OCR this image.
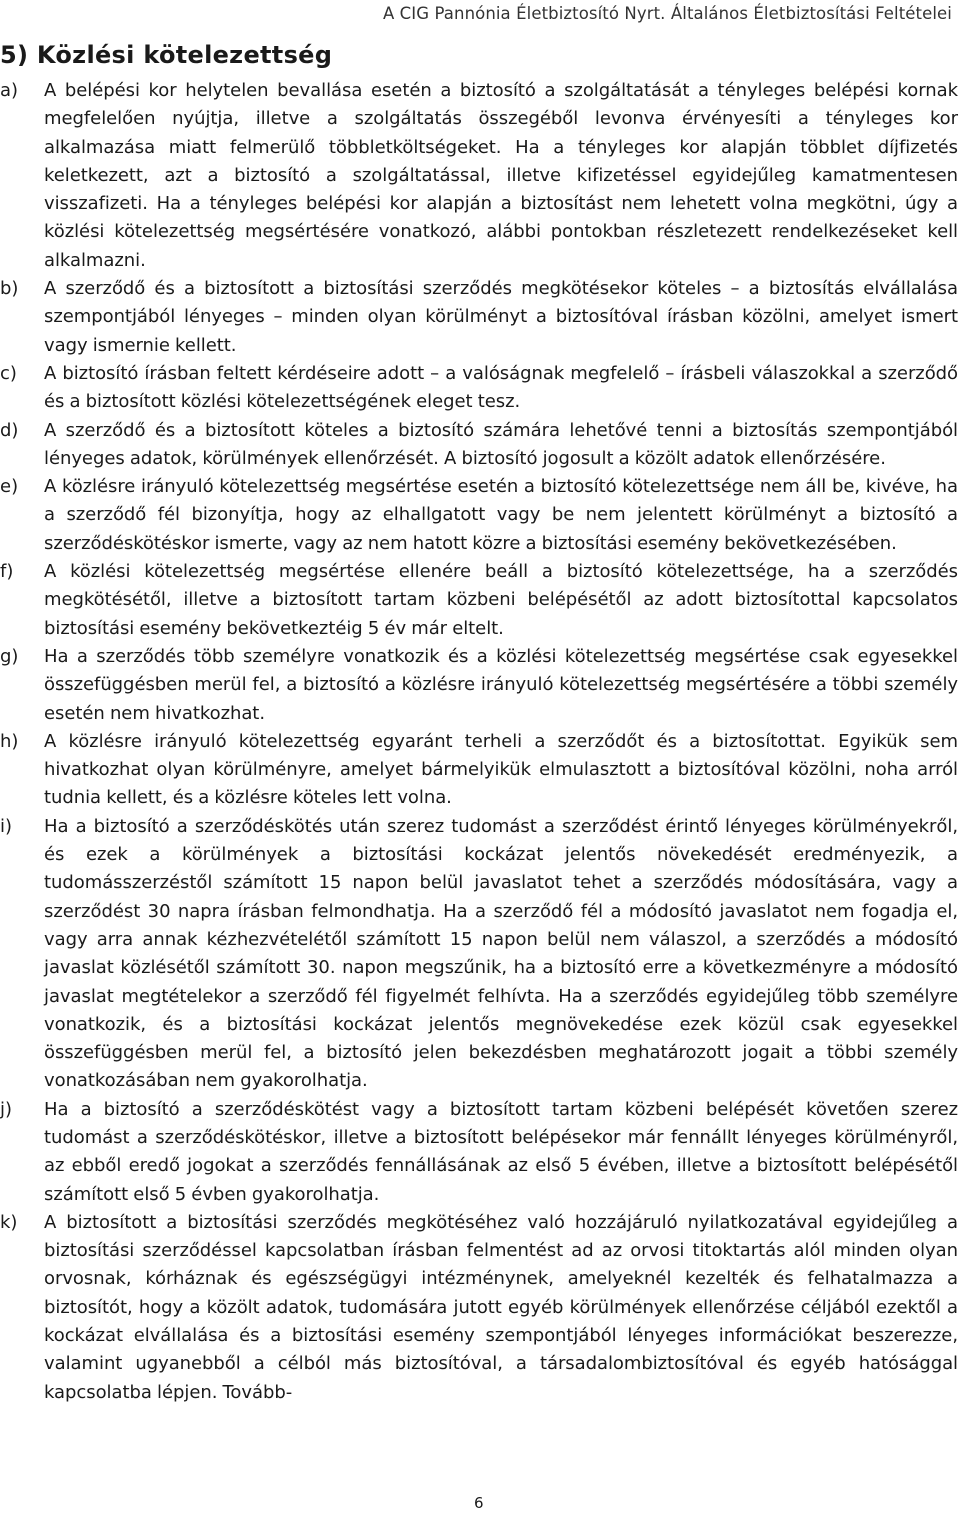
A CIG Pannónia Életbiztosító Nyrt. Általános Életbiztosítási Feltételei
5) Közlési kötelezettség
a)	A belépési kor helytelen bevallása esetén a biztosító a szolgáltatását a tényleges belépési kornak megfelelően nyújtja, illetve a szolgáltatás összegéből levonva érvényesíti a tényleges kor alkalmazása miatt felmerülő többletköltségeket. Ha a tényleges kor alapján többlet díjfizetés keletkezett, azt a biztosító a szolgáltatással, illetve kifizetéssel egyidejűleg kamatmentesen visszafizeti. Ha a tényleges belépési kor alapján a biztosítást nem lehetett volna megkötni, úgy a közlési kötelezettség megsértésére vonatkozó, alábbi pontokban részletezett rendelkezéseket kell alkalmazni.
b)	A szerződő és a biztosított a biztosítási szerződés megkötésekor köteles – a biztosítás elvállalása szempontjából lényeges – minden olyan körülményt a biztosítóval írásban közölni, amelyet ismert vagy ismernie kellett.
c)	A biztosító írásban feltett kérdéseire adott – a valóságnak megfelelő – írásbeli válaszokkal a szerződő és a biztosított közlési kötelezettségének eleget tesz.
d)	A szerződő és a biztosított köteles a biztosító számára lehetővé tenni a biztosítás szempontjából lényeges adatok, körülmények ellenőrzését. A biztosító jogosult a közölt adatok ellenőrzésére.
e)	A közlésre irányuló kötelezettség megsértése esetén a biztosító kötelezettsége nem áll be, kivéve, ha a szerződő fél bizonyítja, hogy az elhallgatott vagy be nem jelentett körülményt a biztosító a szerződéskötéskor ismerte, vagy az nem hatott közre a biztosítási esemény bekövetkezésében.
f)	A közlési kötelezettség megsértése ellenére beáll a biztosító kötelezettsége, ha a szerződés megkötésétől, illetve a biztosított tartam közbeni belépésétől az adott biztosítottal kapcsolatos biztosítási esemény bekövetkeztéig 5 év már eltelt.
g)	Ha a szerződés több személyre vonatkozik és a közlési kötelezettség megsértése csak egyesekkel összefüggésben merül fel, a biztosító a közlésre irányuló kötelezettség megsértésére a többi személy esetén nem hivatkozhat.
h)	A közlésre irányuló kötelezettség egyaránt terheli a szerződőt és a biztosítottat. Egyikük sem hivatkozhat olyan körülményre, amelyet bármelyikük elmulasztott a biztosítóval közölni, noha arról tudnia kellett, és a közlésre köteles lett volna.
i)	Ha a biztosító a szerződéskötés után szerez tudomást a szerződést érintő lényeges körülményekről, és ezek a körülmények a biztosítási kockázat jelentős növekedését eredményezik, a tudomásszerzéstől számított 15 napon belül javaslatot tehet a szerződés módosítására, vagy a szerződést 30 napra írásban felmondhatja. Ha a szerződő fél a módosító javaslatot nem fogadja el, vagy arra annak kézhezvételétől számított 15 napon belül nem válaszol, a szerződés a módosító javaslat közlésétől számított 30. napon megszűnik, ha a biztosító erre a következményre a módosító javaslat megtételekor a szerződő fél figyelmét felhívta. Ha a szerződés egyidejűleg több személyre vonatkozik, és a biztosítási kockázat jelentős megnövekedése ezek közül csak egyesekkel összefüggésben merül fel, a biztosító jelen bekezdésben meghatározott jogait a többi személy vonatkozásában nem gyakorolhatja.
j)	Ha a biztosító a szerződéskötést vagy a biztosított tartam közbeni belépését követően szerez tudomást a szerződéskötéskor, illetve a biztosított belépésekor már fennállt lényeges körülményről, az ebből eredő jogokat a szerződés fennállásának az első 5 évében, illetve a biztosított belépésétől számított első 5 évben gyakorolhatja.
k)	A biztosított a biztosítási szerződés megkötéséhez való hozzájáruló nyilatkozatával egyidejűleg a biztosítási szerződéssel kapcsolatban írásban felmentést ad az orvosi titoktartás alól minden olyan orvosnak, kórháznak és egészségügyi intézménynek, amelyeknél kezelték és felhatalmazza a biztosítót, hogy a közölt adatok, tudomására jutott egyéb körülmények ellenőrzése céljából ezektől a kockázat elvállalása és a biztosítási esemény szempontjából lényeges információkat beszerezze, valamint ugyanebből a célból más biztosítóval, a társadalombiztosítóval és egyéb hatósággal kapcsolatba lépjen. Tovább-
6
